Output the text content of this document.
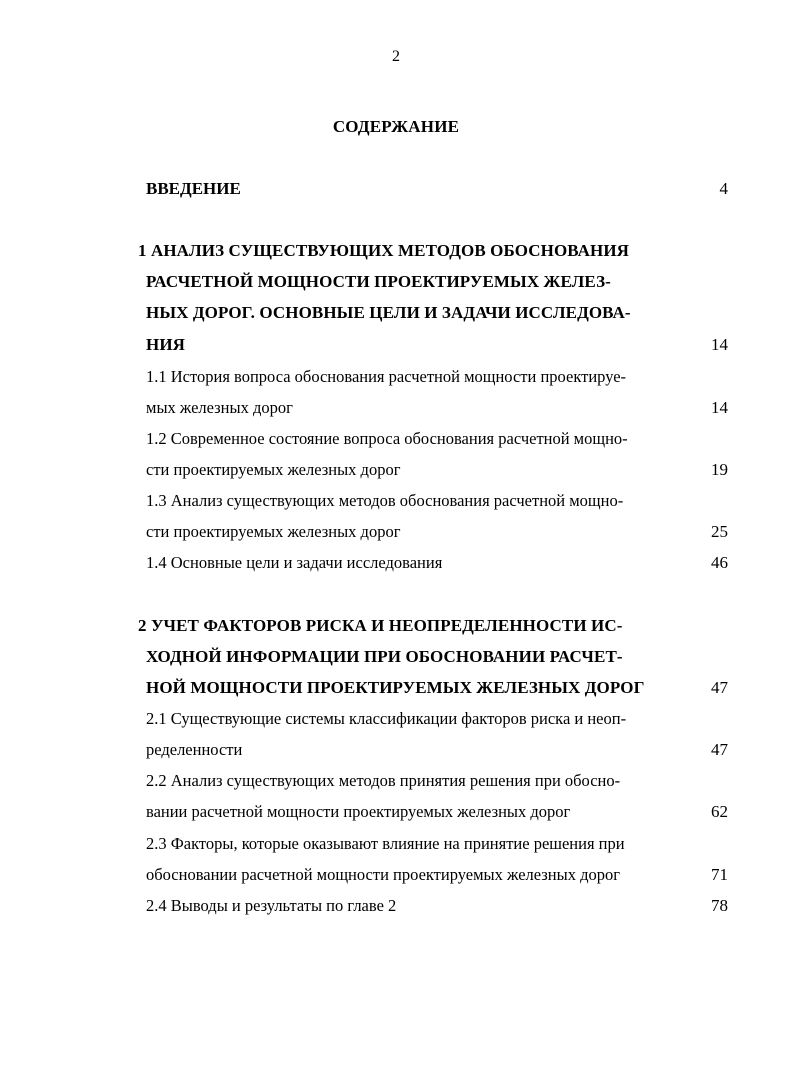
2
СОДЕРЖАНИЕ
ВВЕДЕНИЕ	4
1 АНАЛИЗ СУЩЕСТВУЮЩИХ МЕТОДОВ ОБОСНОВАНИЯ
РАСЧЕТНОЙ МОЩНОСТИ ПРОЕКТИРУЕМЫХ ЖЕЛЕЗ-
НЫХ ДОРОГ. ОСНОВНЫЕ ЦЕЛИ И ЗАДАЧИ ИССЛЕДОВА-
НИЯ	14
1.1 История вопроса обоснования расчетной мощности проектируе-
мых железных дорог	14
1.2 Современное состояние вопроса обоснования расчетной мощно-
сти проектируемых железных дорог	19
1.3 Анализ существующих методов обоснования расчетной мощно-
сти проектируемых железных дорог	25
1.4 Основные цели и задачи исследования	46
2 УЧЕТ ФАКТОРОВ РИСКА И НЕОПРЕДЕЛЕННОСТИ ИС-
ХОДНОЙ ИНФОРМАЦИИ ПРИ ОБОСНОВАНИИ РАСЧЕТ-
НОЙ МОЩНОСТИ ПРОЕКТИРУЕМЫХ ЖЕЛЕЗНЫХ ДОРОГ	47
2.1 Существующие системы классификации факторов риска и неоп-
ределенности	47
2.2 Анализ существующих методов принятия решения при обосно-
вании расчетной мощности проектируемых железных дорог	62
2.3 Факторы, которые оказывают влияние на принятие решения при
обосновании расчетной мощности проектируемых железных дорог	71
2.4 Выводы и результаты по главе 2	78
